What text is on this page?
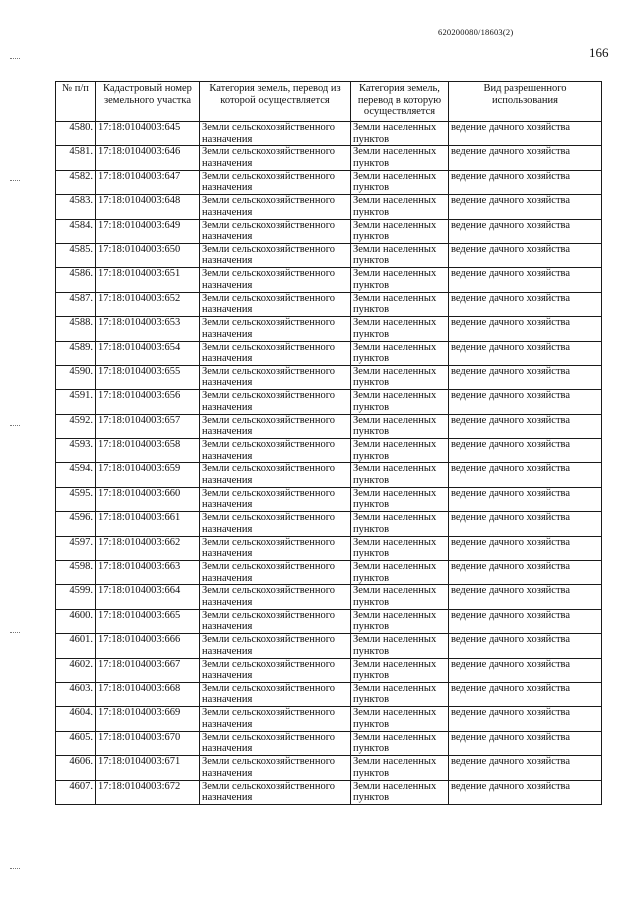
620200080/18603(2)
166
№ п/п	Кадастровый номер земельного участка	Категория земель, перевод из которой осуществляется	Категория земель, перевод в которую осуществляется	Вид разрешенного использования
4580.	17:18:0104003:645	Земли сельскохозяйственного назначения	Земли населенных пунктов	ведение дачного хозяйства
4581.	17:18:0104003:646	Земли сельскохозяйственного назначения	Земли населенных пунктов	ведение дачного хозяйства
4582.	17:18:0104003:647	Земли сельскохозяйственного назначения	Земли населенных пунктов	ведение дачного хозяйства
4583.	17:18:0104003:648	Земли сельскохозяйственного назначения	Земли населенных пунктов	ведение дачного хозяйства
4584.	17:18:0104003:649	Земли сельскохозяйственного назначения	Земли населенных пунктов	ведение дачного хозяйства
4585.	17:18:0104003:650	Земли сельскохозяйственного назначения	Земли населенных пунктов	ведение дачного хозяйства
4586.	17:18:0104003:651	Земли сельскохозяйственного назначения	Земли населенных пунктов	ведение дачного хозяйства
4587.	17:18:0104003:652	Земли сельскохозяйственного назначения	Земли населенных пунктов	ведение дачного хозяйства
4588.	17:18:0104003:653	Земли сельскохозяйственного назначения	Земли населенных пунктов	ведение дачного хозяйства
4589.	17:18:0104003:654	Земли сельскохозяйственного назначения	Земли населенных пунктов	ведение дачного хозяйства
4590.	17:18:0104003:655	Земли сельскохозяйственного назначения	Земли населенных пунктов	ведение дачного хозяйства
4591.	17:18:0104003:656	Земли сельскохозяйственного назначения	Земли населенных пунктов	ведение дачного хозяйства
4592.	17:18:0104003:657	Земли сельскохозяйственного назначения	Земли населенных пунктов	ведение дачного хозяйства
4593.	17:18:0104003:658	Земли сельскохозяйственного назначения	Земли населенных пунктов	ведение дачного хозяйства
4594.	17:18:0104003:659	Земли сельскохозяйственного назначения	Земли населенных пунктов	ведение дачного хозяйства
4595.	17:18:0104003:660	Земли сельскохозяйственного назначения	Земли населенных пунктов	ведение дачного хозяйства
4596.	17:18:0104003:661	Земли сельскохозяйственного назначения	Земли населенных пунктов	ведение дачного хозяйства
4597.	17:18:0104003:662	Земли сельскохозяйственного назначения	Земли населенных пунктов	ведение дачного хозяйства
4598.	17:18:0104003:663	Земли сельскохозяйственного назначения	Земли населенных пунктов	ведение дачного хозяйства
4599.	17:18:0104003:664	Земли сельскохозяйственного назначения	Земли населенных пунктов	ведение дачного хозяйства
4600.	17:18:0104003:665	Земли сельскохозяйственного назначения	Земли населенных пунктов	ведение дачного хозяйства
4601.	17:18:0104003:666	Земли сельскохозяйственного назначения	Земли населенных пунктов	ведение дачного хозяйства
4602.	17:18:0104003:667	Земли сельскохозяйственного назначения	Земли населенных пунктов	ведение дачного хозяйства
4603.	17:18:0104003:668	Земли сельскохозяйственного назначения	Земли населенных пунктов	ведение дачного хозяйства
4604.	17:18:0104003:669	Земли сельскохозяйственного назначения	Земли населенных пунктов	ведение дачного хозяйства
4605.	17:18:0104003:670	Земли сельскохозяйственного назначения	Земли населенных пунктов	ведение дачного хозяйства
4606.	17:18:0104003:671	Земли сельскохозяйственного назначения	Земли населенных пунктов	ведение дачного хозяйства
4607.	17:18:0104003:672	Земли сельскохозяйственного назначения	Земли населенных пунктов	ведение дачного хозяйства
